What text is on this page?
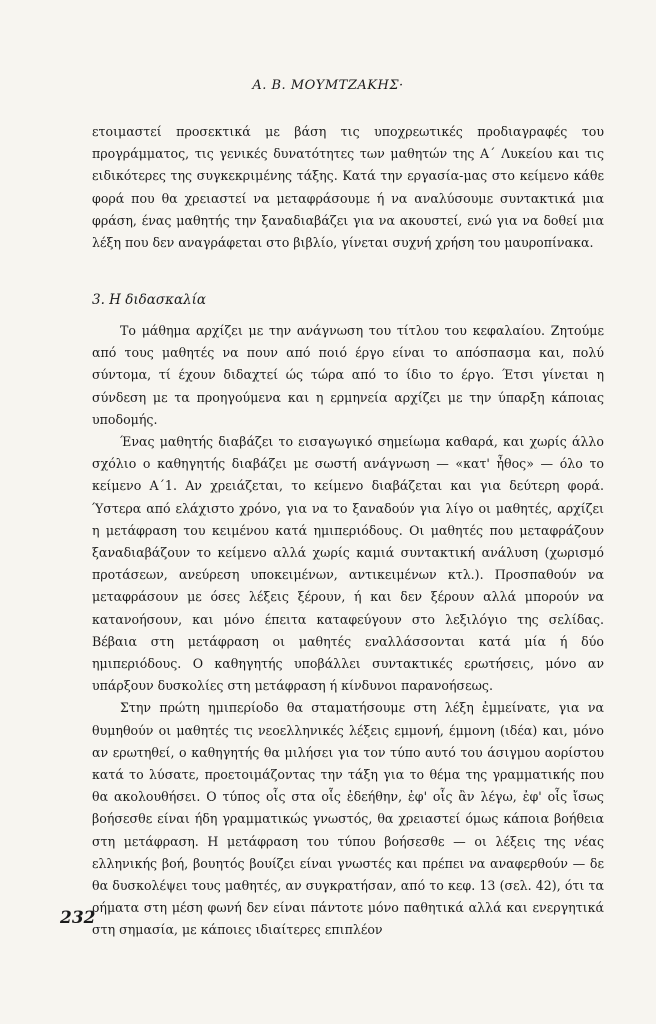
Α. Β. ΜΟΥΜΤΖΑΚΗΣ·

ετοιμαστεί προσεκτικά με βάση τις υποχρεωτικές προδιαγραφές του προγράμματος, τις γενικές δυνατότητες των μαθητών της Α΄ Λυκείου και τις ειδικότερες της συγκεκριμένης τάξης. Κατά την εργασία-μας στο κείμενο κάθε φορά που θα χρειαστεί να μεταφράσουμε ή να αναλύσουμε συντακτικά μια φράση, ένας μαθητής την ξαναδιαβάζει για να ακουστεί, ενώ για να δοθεί μια λέξη που δεν αναγράφεται στο βιβλίο, γίνεται συχνή χρήση του μαυροπίνακα.

3. Η διδασκαλία

Το μάθημα αρχίζει με την ανάγνωση του τίτλου του κεφαλαίου. Ζητούμε από τους μαθητές να πουν από ποιό έργο είναι το απόσπασμα και, πολύ σύντομα, τί έχουν διδαχτεί ώς τώρα από το ίδιο το έργο. Έτσι γίνεται η σύνδεση με τα προηγούμενα και η ερμηνεία αρχίζει με την ύπαρξη κάποιας υποδομής.

Ένας μαθητής διαβάζει το εισαγωγικό σημείωμα καθαρά, και χωρίς άλλο σχόλιο ο καθηγητής διαβάζει με σωστή ανάγνωση — «κατ' ἦθος» — όλο το κείμενο Α΄1. Αν χρειάζεται, το κείμενο διαβάζεται και για δεύτερη φορά. Ύστερα από ελάχιστο χρόνο, για να το ξαναδούν για λίγο οι μαθητές, αρχίζει η μετάφραση του κειμένου κατά ημιπεριόδους. Οι μαθητές που μεταφράζουν ξαναδιαβάζουν το κείμενο αλλά χωρίς καμιά συντακτική ανάλυση (χωρισμό προτάσεων, ανεύρεση υποκειμένων, αντικειμένων κτλ.). Προσπαθούν να μεταφράσουν με όσες λέξεις ξέρουν, ή και δεν ξέρουν αλλά μπορούν να κατανοήσουν, και μόνο έπειτα καταφεύγουν στο λεξιλόγιο της σελίδας. Βέβαια στη μετάφραση οι μαθητές εναλλάσσονται κατά μία ή δύο ημιπεριόδους. Ο καθηγητής υποβάλλει συντακτικές ερωτήσεις, μόνο αν υπάρξουν δυσκολίες στη μετάφραση ή κίνδυνοι παρανοήσεως.

Στην πρώτη ημιπερίοδο θα σταματήσουμε στη λέξη ἐμμείνατε, για να θυμηθούν οι μαθητές τις νεοελληνικές λέξεις εμμονή, έμμονη (ιδέα) και, μόνο αν ερωτηθεί, ο καθηγητής θα μιλήσει για τον τύπο αυτό του άσιγμου αορίστου κατά το λύσατε, προετοιμάζοντας την τάξη για το θέμα της γραμματικής που θα ακολουθήσει. Ο τύπος οἷς στα οἷς ἐδεήθην, ἐφ' οἷς ἂν λέγω, ἐφ' οἷς ἴσως βοήσεσθε είναι ήδη γραμματικώς γνωστός, θα χρειαστεί όμως κάποια βοήθεια στη μετάφραση. Η μετάφραση του τύπου βοήσεσθε — οι λέξεις της νέας ελληνικής βοή, βουητός βουίζει είναι γνωστές και πρέπει να αναφερθούν — δε θα δυσκολέψει τους μαθητές, αν συγκρατήσαν, από το κεφ. 13 (σελ. 42), ότι τα ρήματα στη μέση φωνή δεν είναι πάντοτε μόνο παθητικά αλλά και ενεργητικά στη σημασία, με κάποιες ιδιαίτερες επιπλέον

232
